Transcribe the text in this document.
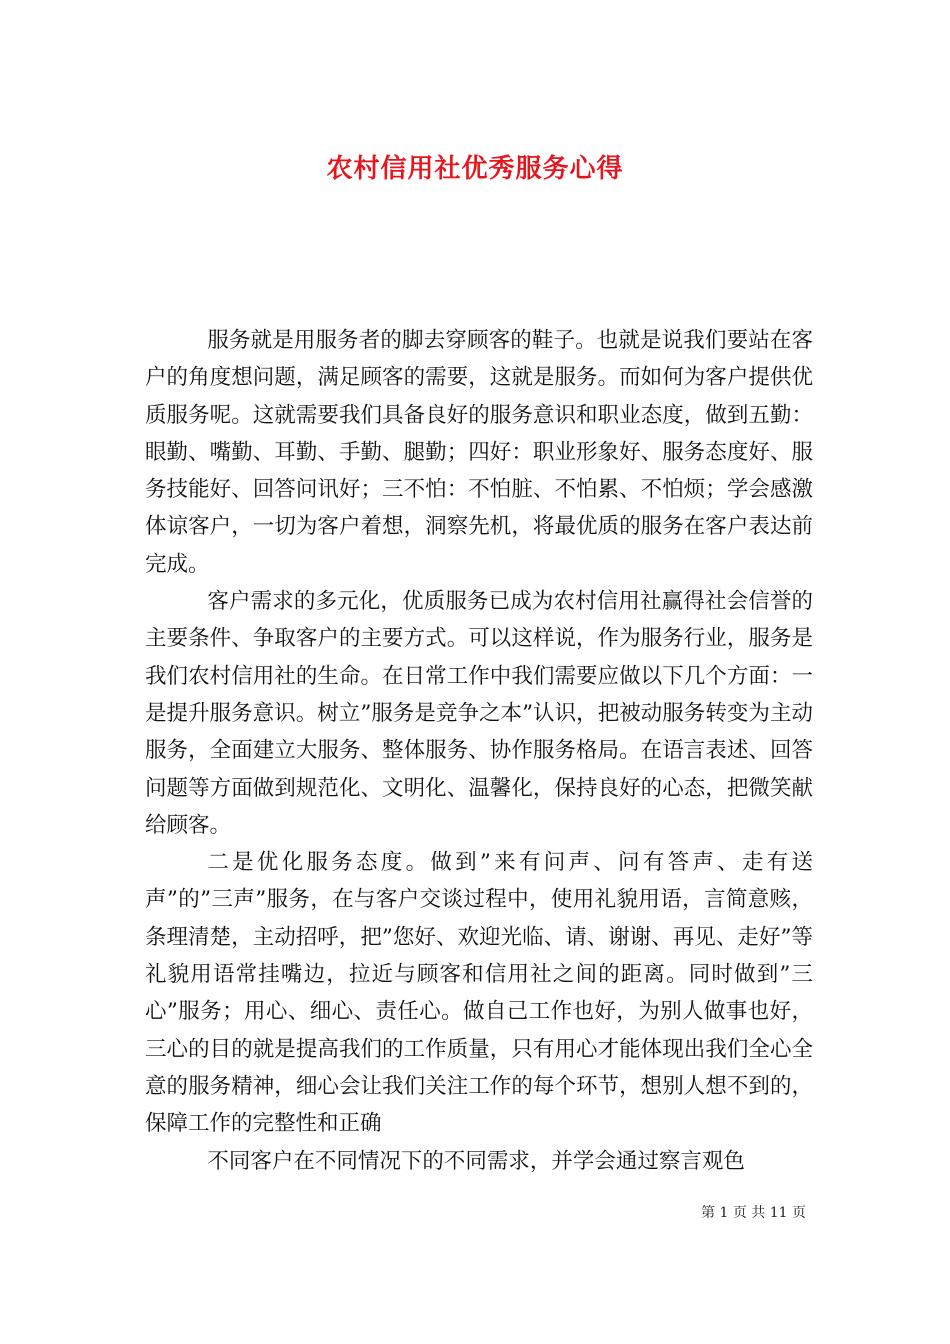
农村信用社优秀服务心得

服务就是用服务者的脚去穿顾客的鞋子。也就是说我们要站在客户的角度想问题，满足顾客的需要，这就是服务。而如何为客户提供优质服务呢。这就需要我们具备良好的服务意识和职业态度，做到五勤：眼勤、嘴勤、耳勤、手勤、腿勤；四好：职业形象好、服务态度好、服务技能好、回答问讯好；三不怕：不怕脏、不怕累、不怕烦；学会感激体谅客户，一切为客户着想，洞察先机，将最优质的服务在客户表达前完成。

客户需求的多元化，优质服务已成为农村信用社赢得社会信誉的主要条件、争取客户的主要方式。可以这样说，作为服务行业，服务是我们农村信用社的生命。在日常工作中我们需要应做以下几个方面：一是提升服务意识。树立”服务是竞争之本”认识，把被动服务转变为主动服务，全面建立大服务、整体服务、协作服务格局。在语言表述、回答问题等方面做到规范化、文明化、温馨化，保持良好的心态，把微笑献给顾客。

二是优化服务态度。做到”来有问声、问有答声、走有送声”的”三声”服务，在与客户交谈过程中，使用礼貌用语，言简意赅，条理清楚，主动招呼，把”您好、欢迎光临、请、谢谢、再见、走好”等礼貌用语常挂嘴边，拉近与顾客和信用社之间的距离。同时做到”三心”服务；用心、细心、责任心。做自己工作也好，为别人做事也好，三心的目的就是提高我们的工作质量，只有用心才能体现出我们全心全意的服务精神，细心会让我们关注工作的每个环节，想别人想不到的，保障工作的完整性和正确

不同客户在不同情况下的不同需求，并学会通过察言观色

第 1 页 共 11 页
